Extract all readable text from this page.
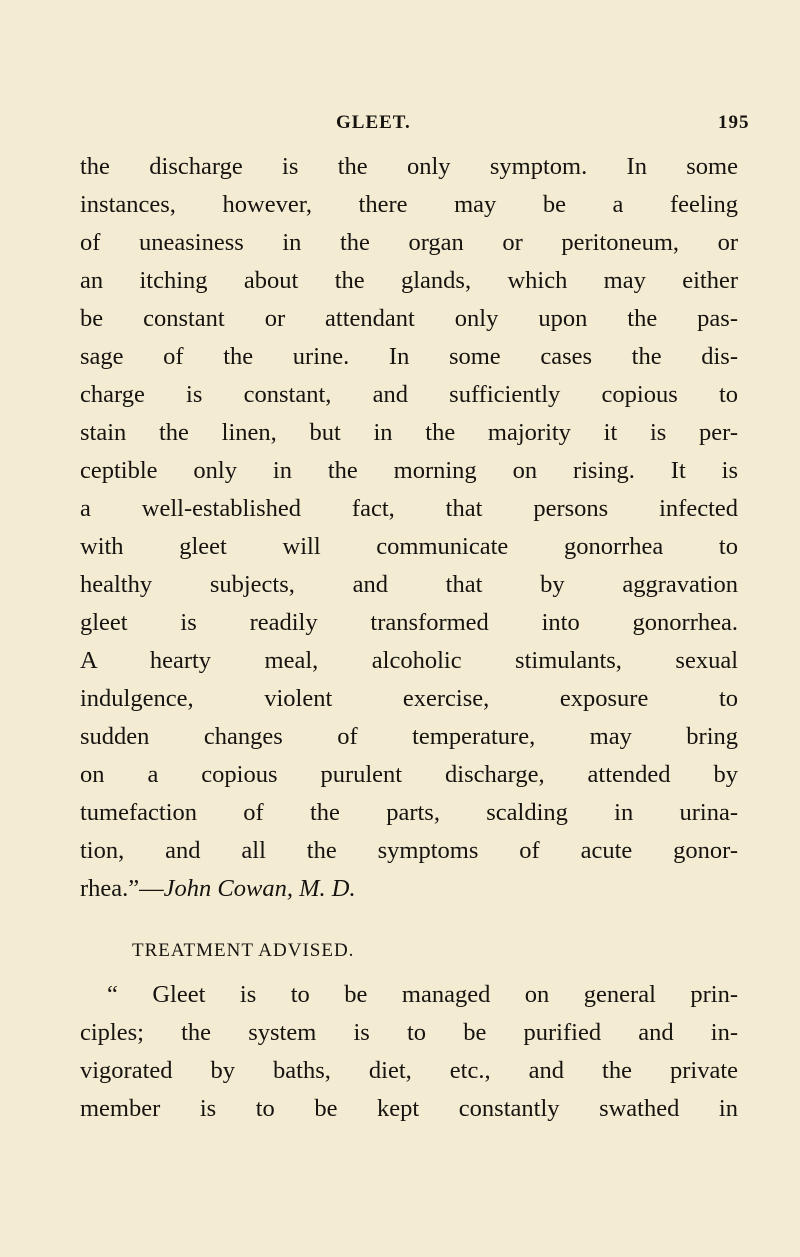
GLEET.	195
the discharge is the only symptom. In some
instances, however, there may be a feeling
of uneasiness in the organ or peritoneum, or
an itching about the glands, which may either
be constant or attendant only upon the pas-
sage of the urine. In some cases the dis-
charge is constant, and sufficiently copious to
stain the linen, but in the majority it is per-
ceptible only in the morning on rising. It is
a well-established fact, that persons infected
with gleet will communicate gonorrhea to
healthy subjects, and that by aggravation
gleet is readily transformed into gonorrhea.
A hearty meal, alcoholic stimulants, sexual
indulgence, violent exercise, exposure to
sudden changes of temperature, may bring
on a copious purulent discharge, attended by
tumefaction of the parts, scalding in urina-
tion, and all the symptoms of acute gonor-
rhea.”—John Cowan, M. D.
TREATMENT ADVISED.
“ Gleet is to be managed on general prin-
ciples; the system is to be purified and in-
vigorated by baths, diet, etc., and the private
member is to be kept constantly swathed in
